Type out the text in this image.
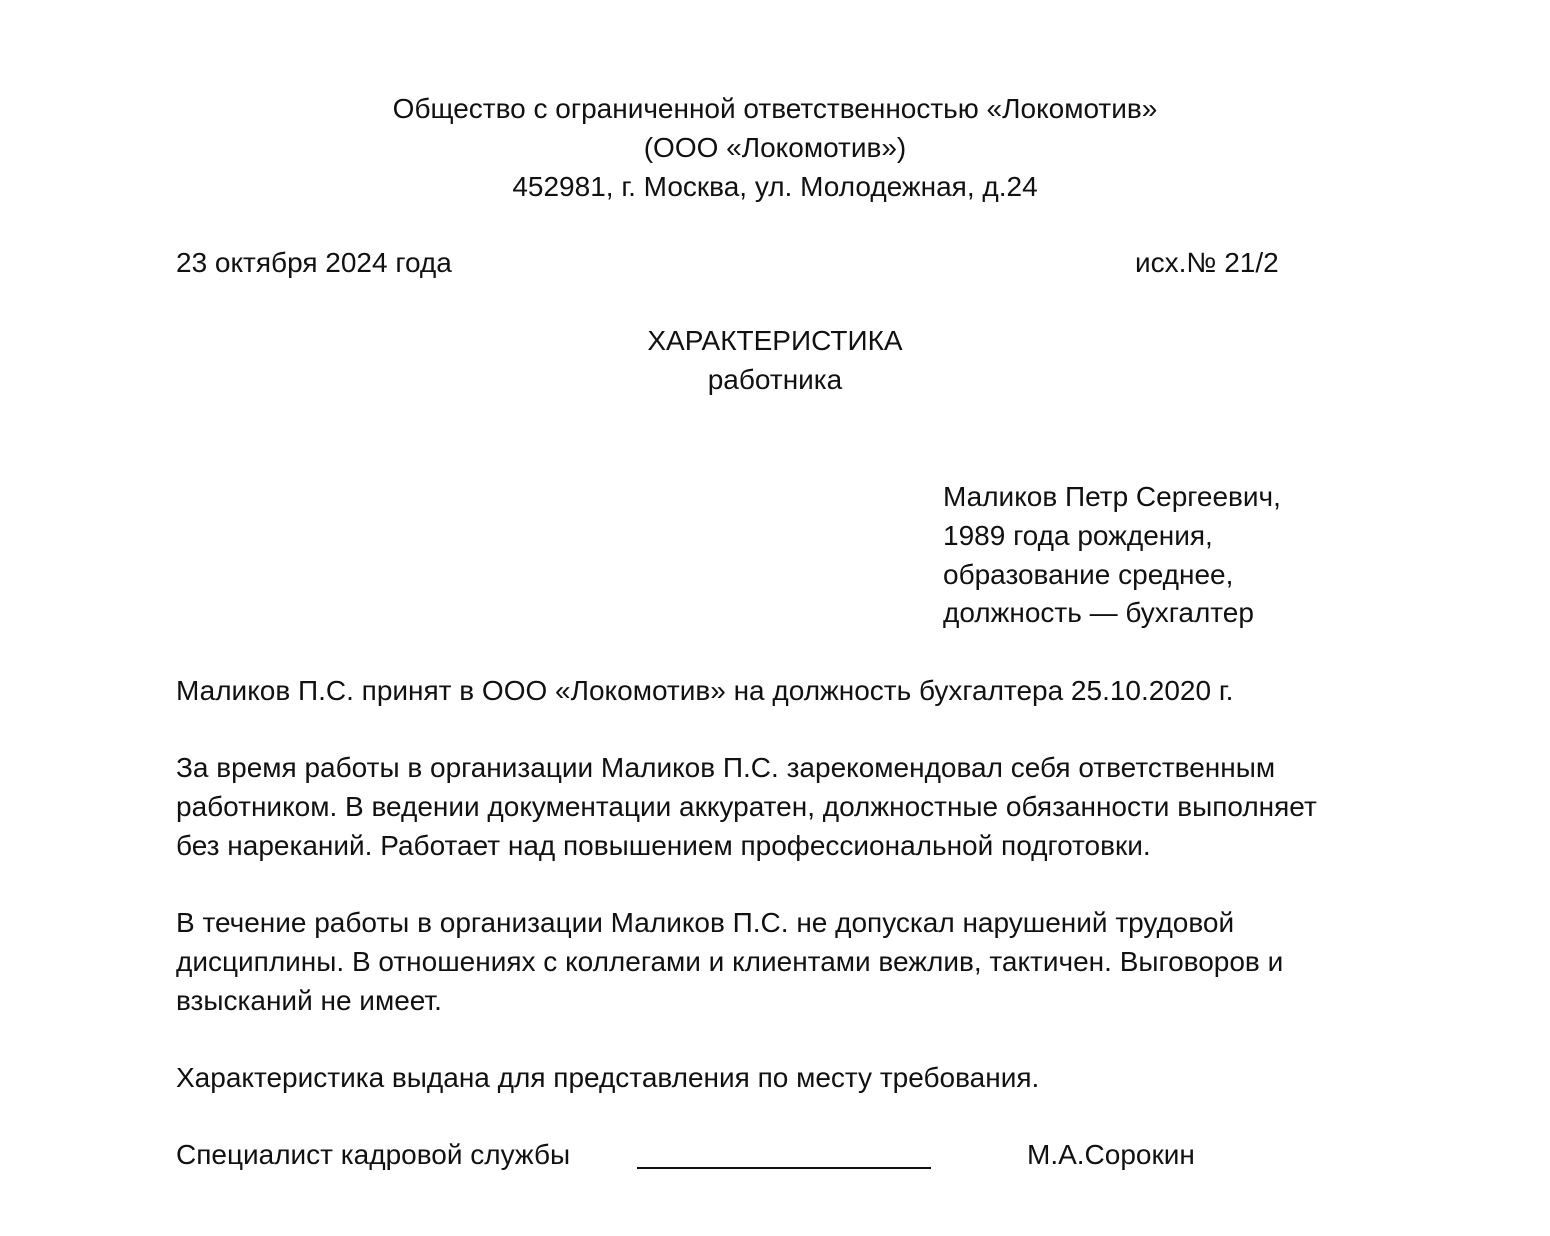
Общество с ограниченной ответственностью «Локомотив»
(ООО «Локомотив»)
452981, г. Москва, ул. Молодежная, д.24
23 октября 2024 года	исх.№ 21/2
ХАРАКТЕРИСТИКА
работника
Маликов Петр Сергеевич,
1989 года рождения,
образование среднее,
должность — бухгалтер
Маликов П.С. принят в ООО «Локомотив» на должность бухгалтера 25.10.2020 г.
За время работы в организации Маликов П.С. зарекомендовал себя ответственным
работником. В ведении документации аккуратен, должностные обязанности выполняет
без нареканий. Работает над повышением профессиональной подготовки.
В течение работы в организации Маликов П.С. не допускал нарушений трудовой
дисциплины. В отношениях с коллегами и клиентами вежлив, тактичен. Выговоров и
взысканий не имеет.
Характеристика выдана для представления по месту требования.
Специалист кадровой службы	М.А.Сорокин
